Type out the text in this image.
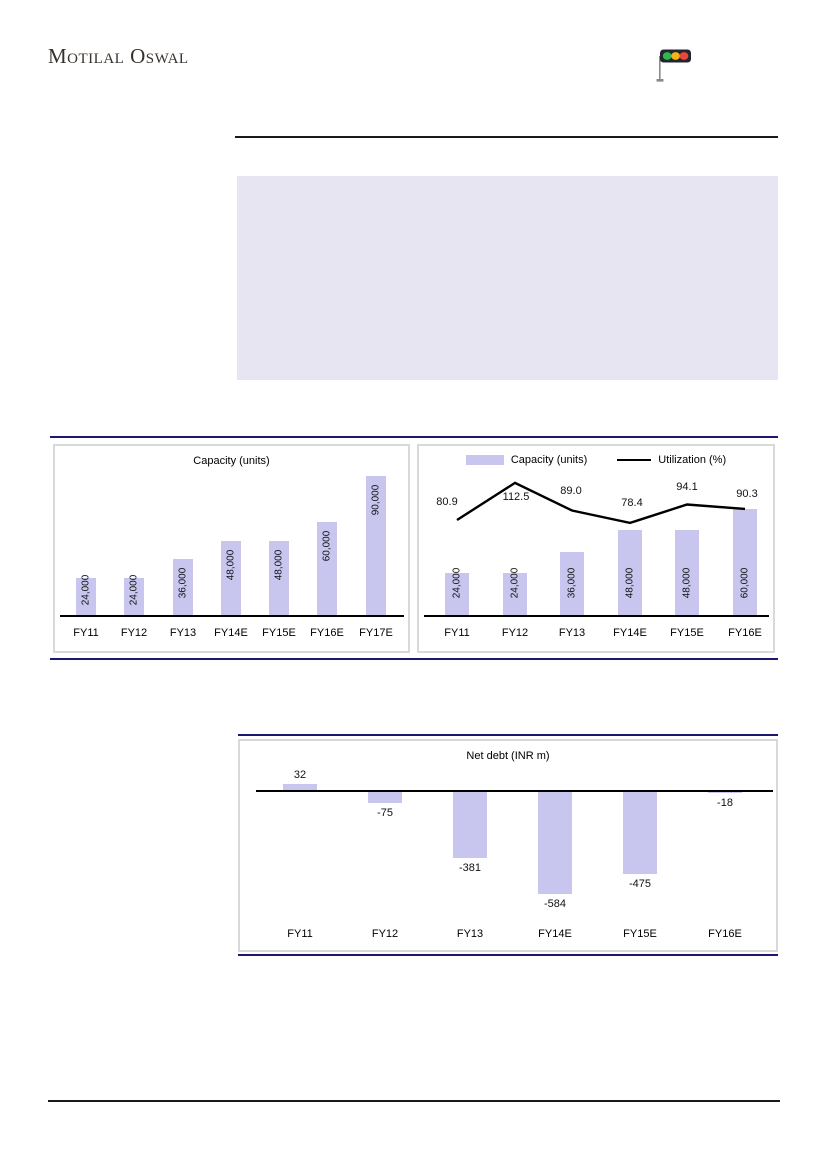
Motilal Oswal
Capacity (units)
24,000
FY11
24,000
FY12
36,000
FY13
48,000
FY14E
48,000
FY15E
60,000
FY16E
90,000
FY17E
Capacity (units)	Utilization (%)
24,000
FY11
24,000
FY12
36,000
FY13
48,000
FY14E
48,000
FY15E
60,000
FY16E
80.9	112.5	89.0
78.4
94.1
90.3
Net debt (INR m)
32
FY11
-75
FY12
-381
FY13
-584
FY14E
-475
FY15E
-18
FY16E
